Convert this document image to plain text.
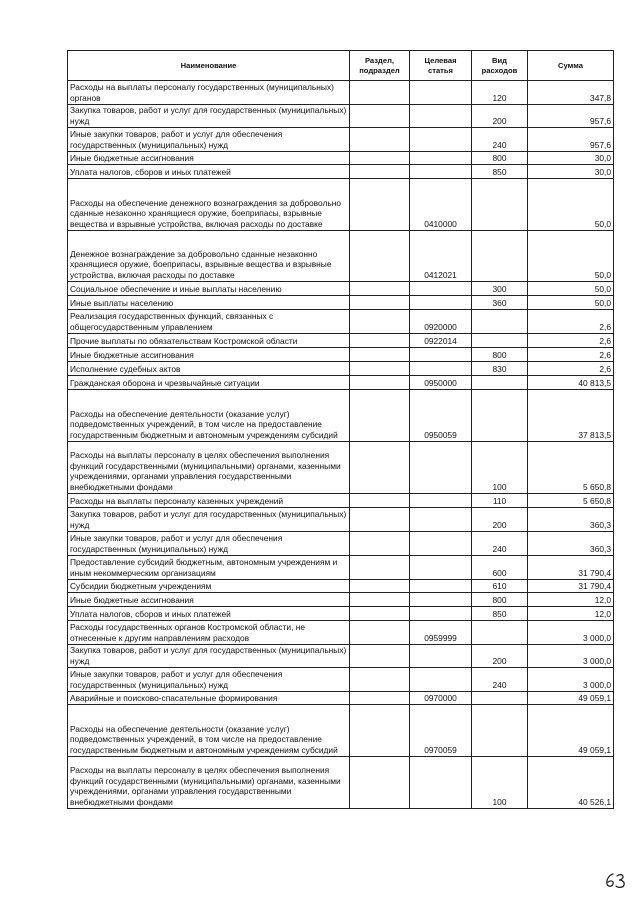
Наименование	Раздел, подраздел	Целевая статья	Вид расходов	Сумма
Расходы на выплаты персоналу государственных (муниципальных) органов			120	347,8
Закупка товаров, работ и услуг для государственных (муниципальных) нужд			200	957,6
Иные закупки товаров, работ и услуг для обеспечения государственных (муниципальных) нужд			240	957,6
Иные бюджетные ассигнования			800	30,0
Уплата налогов, сборов и иных платежей			850	30,0
Расходы на обеспечение денежного вознаграждения за добровольно сданные незаконно хранящиеся оружие, боеприпасы, взрывные вещества и взрывные устройства, включая расходы по доставке		0410000		50,0
Денежное вознаграждение за добровольно сданные незаконно хранящиеся оружие, боеприпасы, взрывные вещества и взрывные устройства, включая расходы по доставке		0412021		50,0
Социальное обеспечение и иные выплаты населению			300	50,0
Иные выплаты населению			360	50,0
Реализация государственных функций, связанных с общегосударственным управлением		0920000		2,6
Прочие выплаты по обязательствам Костромской области		0922014		2,6
Иные бюджетные ассигнования			800	2,6
Исполнение судебных актов			830	2,6
Гражданская оборона и чрезвычайные ситуации		0950000		40 813,5
Расходы на обеспечение деятельности (оказание услуг) подведомственных учреждений, в том числе на предоставление государственным бюджетным и автономным учреждениям субсидий		0950059		37 813,5
Расходы на выплаты персоналу в целях обеспечения выполнения функций государственными (муниципальными) органами, казенными учреждениями, органами управления государственными внебюджетными фондами			100	5 650,8
Расходы на выплаты персоналу казенных учреждений			110	5 650,8
Закупка товаров, работ и услуг для государственных (муниципальных) нужд			200	360,3
Иные закупки товаров, работ и услуг для обеспечения государственных (муниципальных) нужд			240	360,3
Предоставление субсидий бюджетным, автономным учреждениям и иным некоммерческим организациям			600	31 790,4
Субсидии бюджетным учреждениям			610	31 790,4
Иные бюджетные ассигнования			800	12,0
Уплата налогов, сборов и иных платежей			850	12,0
Расходы государственных органов Костромской области, не отнесенные к другим направлениям расходов		0959999		3 000,0
Закупка товаров, работ и услуг для государственных (муниципальных) нужд			200	3 000,0
Иные закупки товаров, работ и услуг для обеспечения государственных (муниципальных) нужд			240	3 000,0
Аварийные и поисково-спасательные формирования		0970000		49 059,1
Расходы на обеспечение деятельности (оказание услуг) подведомственных учреждений, в том числе на предоставление государственным бюджетным и автономным учреждениям субсидий		0970059		49 059,1
Расходы на выплаты персоналу в целях обеспечения выполнения функций государственными (муниципальными) органами, казенными учреждениями, органами управления государственными внебюджетными фондами			100	40 526,1
